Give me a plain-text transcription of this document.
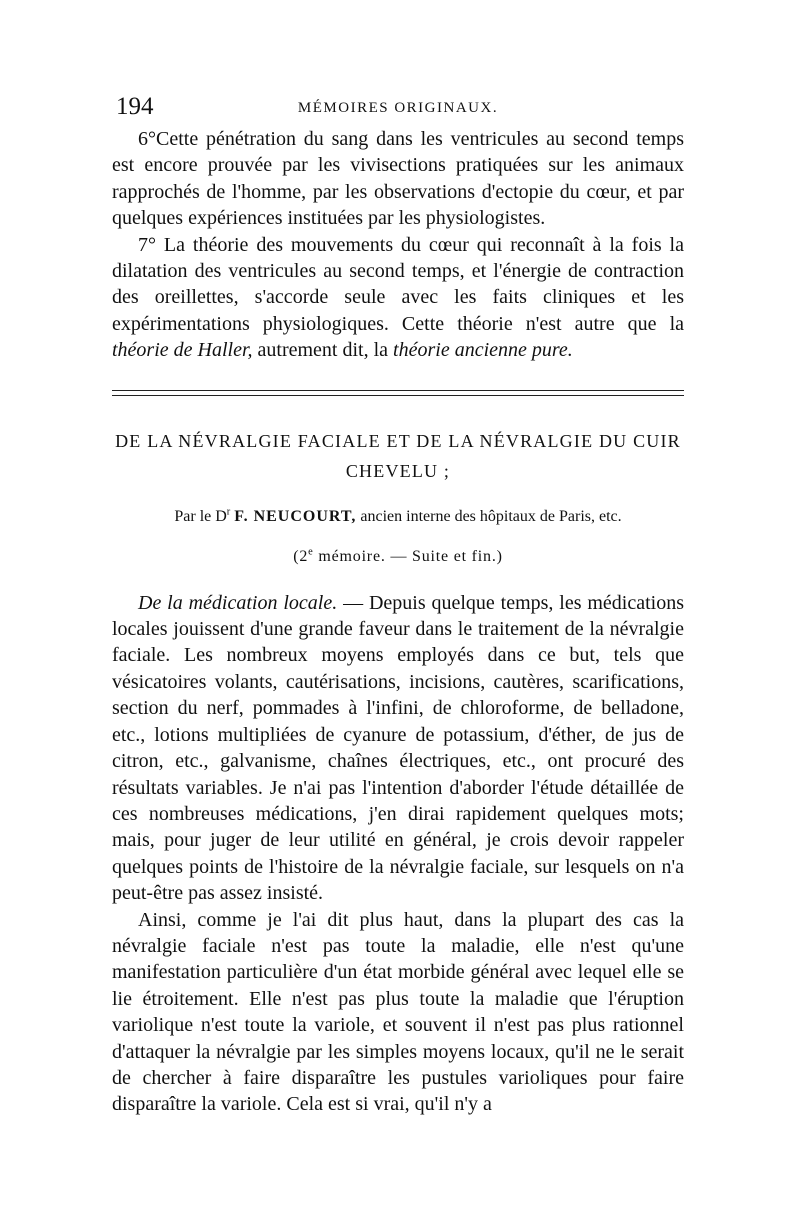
194	MÉMOIRES ORIGINAUX.

6°Cette pénétration du sang dans les ventricules au second temps est encore prouvée par les vivisections pratiquées sur les animaux rapprochés de l'homme, par les observations d'ectopie du cœur, et par quelques expériences instituées par les physiologistes.

7° La théorie des mouvements du cœur qui reconnaît à la fois la dilatation des ventricules au second temps, et l'énergie de contraction des oreillettes, s'accorde seule avec les faits cliniques et les expérimentations physiologiques. Cette théorie n'est autre que la théorie de Haller, autrement dit, la théorie ancienne pure.

DE LA NÉVRALGIE FACIALE ET DE LA NÉVRALGIE DU CUIR CHEVELU ;
Par le $D^r$ F. NEUCOURT, ancien interne des hôpitaux de Paris, etc.
(2e mémoire. — Suite et fin.)

De la médication locale. — Depuis quelque temps, les médications locales jouissent d'une grande faveur dans le traitement de la névralgie faciale. Les nombreux moyens employés dans ce but, tels que vésicatoires volants, cautérisations, incisions, cautères, scarifications, section du nerf, pommades à l'infini, de chloroforme, de belladone, etc., lotions multipliées de cyanure de potassium, d'éther, de jus de citron, etc., galvanisme, chaînes électriques, etc., ont procuré des résultats variables. Je n'ai pas l'intention d'aborder l'étude détaillée de ces nombreuses médications, j'en dirai rapidement quelques mots; mais, pour juger de leur utilité en général, je crois devoir rappeler quelques points de l'histoire de la névralgie faciale, sur lesquels on n'a peut-être pas assez insisté.

Ainsi, comme je l'ai dit plus haut, dans la plupart des cas la névralgie faciale n'est pas toute la maladie, elle n'est qu'une manifestation particulière d'un état morbide général avec lequel elle se lie étroitement. Elle n'est pas plus toute la maladie que l'éruption variolique n'est toute la variole, et souvent il n'est pas plus rationnel d'attaquer la névralgie par les simples moyens locaux, qu'il ne le serait de chercher à faire disparaître les pustules varioliques pour faire disparaître la variole. Cela est si vrai, qu'il n'y a
